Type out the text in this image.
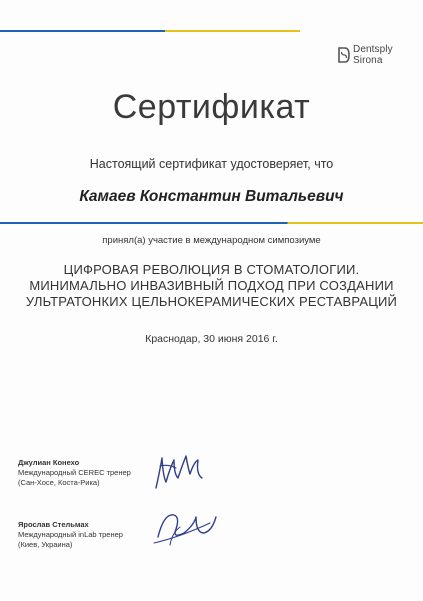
Dentsply
Sirona
Сертификат
Настоящий сертификат удостоверяет, что
Камаев Константин Витальевич
принял(а) участие в международном симпозиуме
ЦИФРОВАЯ РЕВОЛЮЦИЯ В СТОМАТОЛОГИИ.
МИНИМАЛЬНО ИНВАЗИВНЫЙ ПОДХОД ПРИ СОЗДАНИИ
УЛЬТРАТОНКИХ ЦЕЛЬНОКЕРАМИЧЕСКИХ РЕСТАВРАЦИЙ
Краснодар, 30 июня 2016 г.
Джулиан Конехо
Международный CEREC тренер
(Сан-Хосе, Коста-Рика)
Ярослав Стельмах
Международный inLab тренер
(Киев, Украина)
